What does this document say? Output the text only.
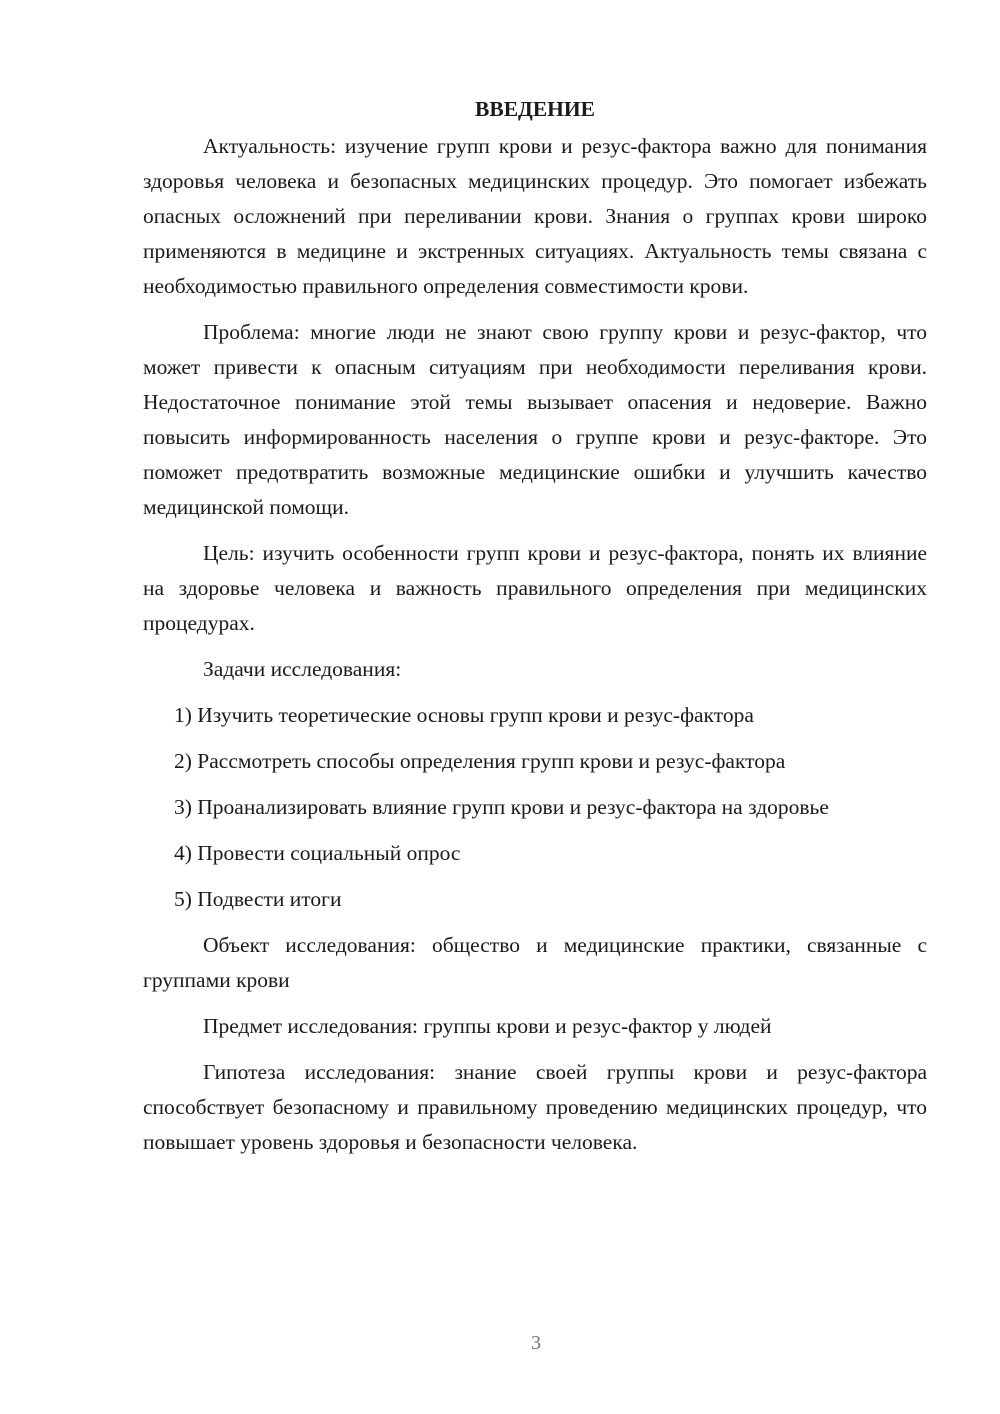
ВВЕДЕНИЕ

Актуальность: изучение групп крови и резус-фактора важно для понимания здоровья человека и безопасных медицинских процедур. Это помогает избежать опасных осложнений при переливании крови. Знания о группах крови широко применяются в медицине и экстренных ситуациях. Актуальность темы связана с необходимостью правильного определения совместимости крови.

Проблема: многие люди не знают свою группу крови и резус-фактор, что может привести к опасным ситуациям при необходимости переливания крови. Недостаточное понимание этой темы вызывает опасения и недоверие. Важно повысить информированность населения о группе крови и резус-факторе. Это поможет предотвратить возможные медицинские ошибки и улучшить качество медицинской помощи.

Цель: изучить особенности групп крови и резус-фактора, понять их влияние на здоровье человека и важность правильного определения при медицинских процедурах.

Задачи исследования:

1) Изучить теоретические основы групп крови и резус-фактора

2) Рассмотреть способы определения групп крови и резус-фактора

3) Проанализировать влияние групп крови и резус-фактора на здоровье

4) Провести социальный опрос

5) Подвести итоги

Объект исследования: общество и медицинские практики, связанные с группами крови

Предмет исследования: группы крови и резус-фактор у людей

Гипотеза исследования: знание своей группы крови и резус-фактора способствует безопасному и правильному проведению медицинских процедур, что повышает уровень здоровья и безопасности человека.

3
